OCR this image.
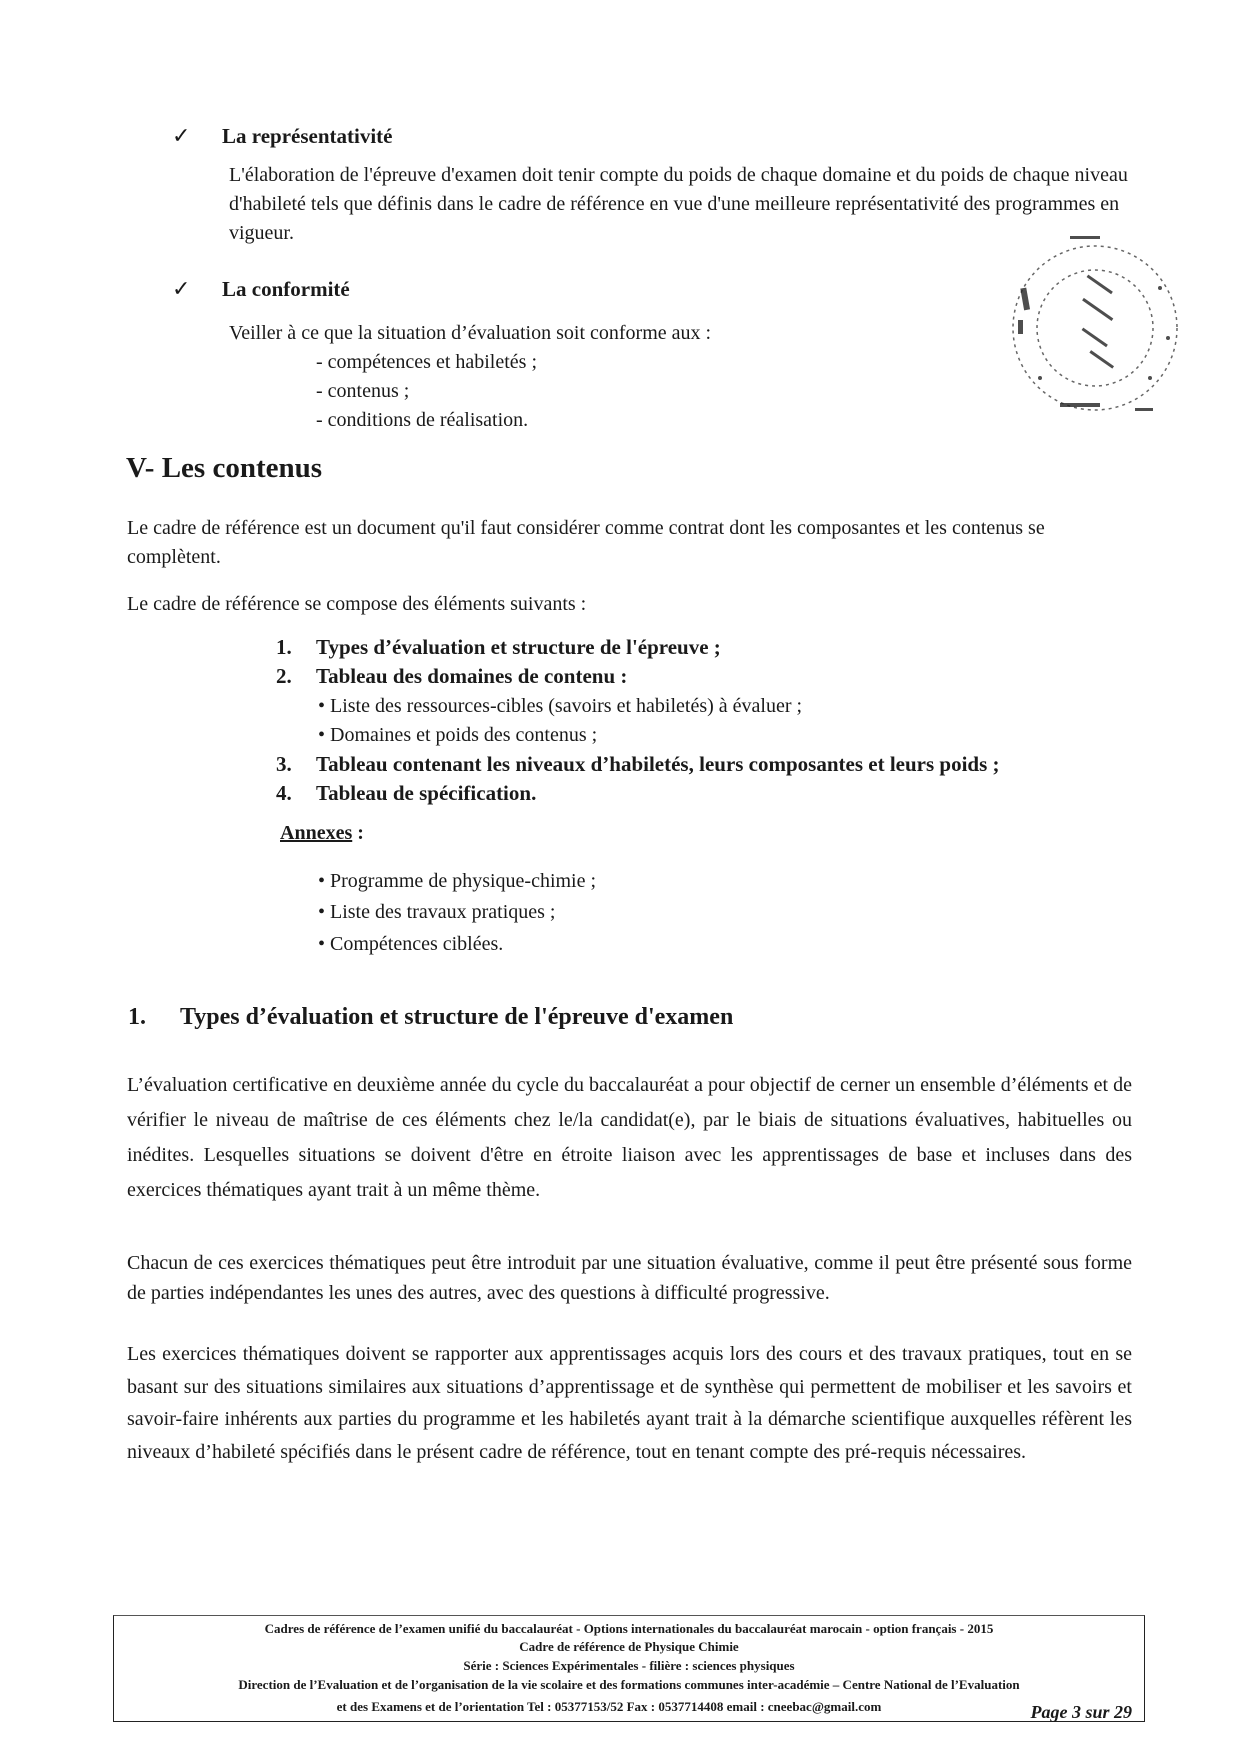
✓ La représentativité
L'élaboration de l'épreuve d'examen doit tenir compte du poids de chaque domaine et du poids de chaque niveau d'habileté tels que définis dans le cadre de référence en vue d'une meilleure représentativité des programmes en vigueur.
✓ La conformité
Veiller à ce que la situation d’évaluation soit conforme aux :
- compétences et habiletés ;
- contenus ;
- conditions de réalisation.
V- Les contenus
Le cadre de référence est un document qu'il faut considérer comme contrat dont les composantes et les contenus se complètent.
Le cadre de référence se compose des éléments suivants :
1. Types d’évaluation et structure de l'épreuve ;
2. Tableau des domaines de contenu :
• Liste des ressources-cibles (savoirs et habiletés) à évaluer ;
• Domaines et poids des contenus ;
3. Tableau contenant les niveaux d’habiletés, leurs composantes et leurs poids ;
4. Tableau de spécification.
Annexes :
• Programme de physique-chimie ;
• Liste des travaux pratiques ;
• Compétences ciblées.
1. Types d’évaluation et structure de l'épreuve d'examen
L’évaluation certificative en deuxième année du cycle du baccalauréat a pour objectif de cerner un ensemble d’éléments et de vérifier le niveau de maîtrise de ces éléments chez le/la candidat(e), par le biais de situations évaluatives, habituelles ou inédites. Lesquelles situations se doivent d'être en étroite liaison avec les apprentissages de base et incluses dans des exercices thématiques ayant trait à un même thème.
Chacun de ces exercices thématiques peut être introduit par une situation évaluative, comme il peut être présenté sous forme de parties indépendantes les unes des autres, avec des questions à difficulté progressive.
Les exercices thématiques doivent se rapporter aux apprentissages acquis lors des cours et des travaux pratiques, tout en se basant sur des situations similaires aux situations d’apprentissage et de synthèse qui permettent de mobiliser et les savoirs et savoir-faire inhérents aux parties du programme et les habiletés ayant trait à la démarche scientifique auxquelles réfèrent les niveaux d’habileté spécifiés dans le présent cadre de référence, tout en tenant compte des pré-requis nécessaires.
Cadres de référence de l’examen unifié du baccalauréat - Options internationales du baccalauréat marocain - option français - 2015
Cadre de référence de Physique Chimie
Série : Sciences Expérimentales - filière : sciences physiques
Direction de l’Evaluation et de l’organisation de la vie scolaire et des formations communes inter-académie – Centre National de l’Evaluation
et des Examens et de l’orientation Tel : 05377153/52 Fax : 0537714408 email : cneebac@gmail.com	Page 3 sur 29
